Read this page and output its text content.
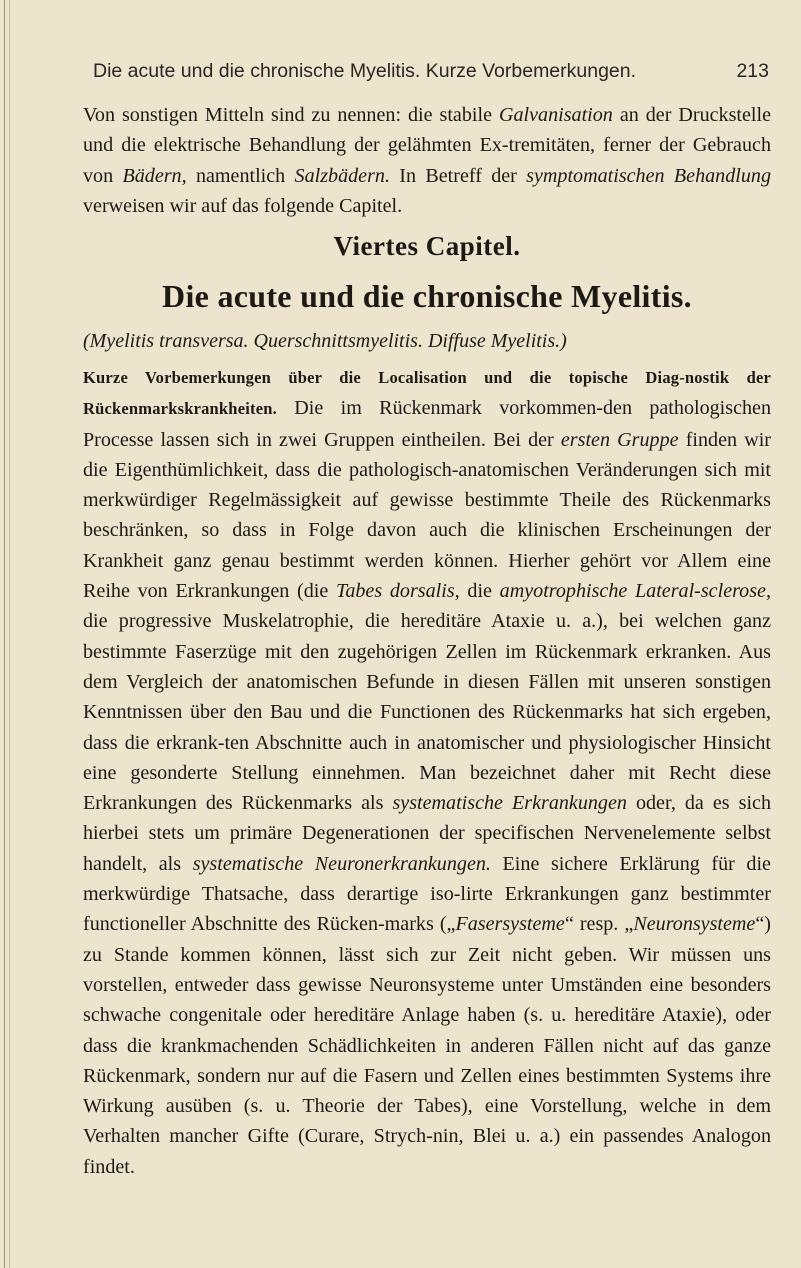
Die acute und die chronische Myelitis. Kurze Vorbemerkungen.	213

Von sonstigen Mitteln sind zu nennen: die stabile Galvanisation an der Druckstelle und die elektrische Behandlung der gelähmten Ex-tremitäten, ferner der Gebrauch von Bädern, namentlich Salzbädern. In Betreff der symptomatischen Behandlung verweisen wir auf das folgende Capitel.

Viertes Capitel.
Die acute und die chronische Myelitis.
(Myelitis transversa. Querschnittsmyelitis. Diffuse Myelitis.)

Kurze Vorbemerkungen über die Localisation und die topische Diag-nostik der Rückenmarkskrankheiten. Die im Rückenmark vorkommen-den pathologischen Processe lassen sich in zwei Gruppen eintheilen. Bei der ersten Gruppe finden wir die Eigenthümlichkeit, dass die pathologisch-anatomischen Veränderungen sich mit merkwürdiger Regelmässigkeit auf gewisse bestimmte Theile des Rückenmarks beschränken, so dass in Folge davon auch die klinischen Erscheinungen der Krankheit ganz genau bestimmt werden können. Hierher gehört vor Allem eine Reihe von Erkrankungen (die Tabes dorsalis, die amyotrophische Lateral-sclerose, die progressive Muskelatrophie, die hereditäre Ataxie u. a.), bei welchen ganz bestimmte Faserzüge mit den zugehörigen Zellen im Rückenmark erkranken. Aus dem Vergleich der anatomischen Befunde in diesen Fällen mit unseren sonstigen Kenntnissen über den Bau und die Functionen des Rückenmarks hat sich ergeben, dass die erkrank-ten Abschnitte auch in anatomischer und physiologischer Hinsicht eine gesonderte Stellung einnehmen. Man bezeichnet daher mit Recht diese Erkrankungen des Rückenmarks als systematische Erkrankungen oder, da es sich hierbei stets um primäre Degenerationen der specifischen Nervenelemente selbst handelt, als systematische Neuronerkrankungen. Eine sichere Erklärung für die merkwürdige Thatsache, dass derartige iso-lirte Erkrankungen ganz bestimmter functioneller Abschnitte des Rücken-marks („Fasersysteme“ resp. „Neuronsysteme“) zu Stande kommen können, lässt sich zur Zeit nicht geben. Wir müssen uns vorstellen, entweder dass gewisse Neuronsysteme unter Umständen eine besonders schwache congenitale oder hereditäre Anlage haben (s. u. hereditäre Ataxie), oder dass die krankmachenden Schädlichkeiten in anderen Fällen nicht auf das ganze Rückenmark, sondern nur auf die Fasern und Zellen eines bestimmten Systems ihre Wirkung ausüben (s. u. Theorie der Tabes), eine Vorstellung, welche in dem Verhalten mancher Gifte (Curare, Strych-nin, Blei u. a.) ein passendes Analogon findet.
